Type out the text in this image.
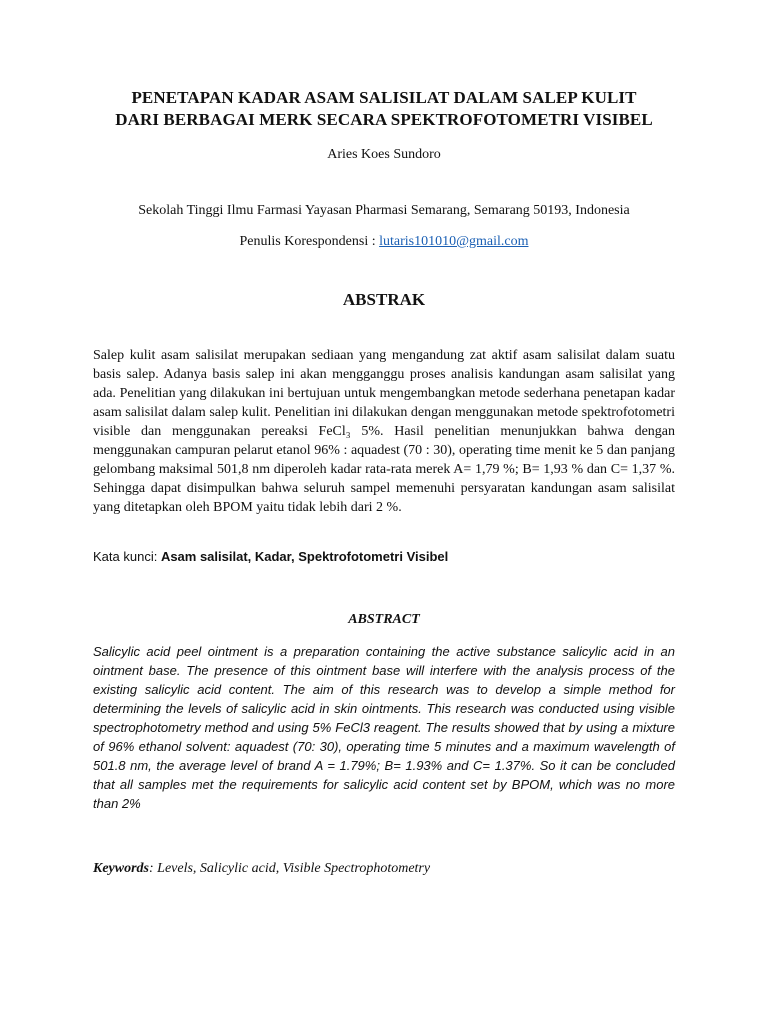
PENETAPAN KADAR ASAM SALISILAT DALAM SALEP KULIT
DARI BERBAGAI MERK SECARA SPEKTROFOTOMETRI VISIBEL
Aries Koes Sundoro
Sekolah Tinggi Ilmu Farmasi Yayasan Pharmasi Semarang, Semarang 50193, Indonesia
Penulis Korespondensi : lutaris101010@gmail.com
ABSTRAK
Salep kulit asam salisilat merupakan sediaan yang mengandung zat aktif asam salisilat dalam suatu basis salep. Adanya basis salep ini akan mengganggu proses analisis kandungan asam salisilat yang ada. Penelitian yang dilakukan ini bertujuan untuk mengembangkan metode sederhana penetapan kadar asam salisilat dalam salep kulit. Penelitian ini dilakukan dengan menggunakan metode spektrofotometri visible dan menggunakan pereaksi FeCl₃ 5%. Hasil penelitian menunjukkan bahwa dengan menggunakan campuran pelarut etanol 96% : aquadest (70 : 30), operating time menit ke 5 dan panjang gelombang maksimal 501,8 nm diperoleh kadar rata-rata merek A= 1,79 %; B= 1,93 % dan C= 1,37 %. Sehingga dapat disimpulkan bahwa seluruh sampel memenuhi persyaratan kandungan asam salisilat yang ditetapkan oleh BPOM yaitu tidak lebih dari 2 %.
Kata kunci: Asam salisilat, Kadar, Spektrofotometri Visibel
ABSTRACT
Salicylic acid peel ointment is a preparation containing the active substance salicylic acid in an ointment base. The presence of this ointment base will interfere with the analysis process of the existing salicylic acid content. The aim of this research was to develop a simple method for determining the levels of salicylic acid in skin ointments. This research was conducted using visible spectrophotometry method and using 5% FeCl3 reagent. The results showed that by using a mixture of 96% ethanol solvent: aquadest (70: 30), operating time 5 minutes and a maximum wavelength of 501.8 nm, the average level of brand A = 1.79%; B= 1.93% and C= 1.37%. So it can be concluded that all samples met the requirements for salicylic acid content set by BPOM, which was no more than 2%
Keywords: Levels, Salicylic acid, Visible Spectrophotometry
